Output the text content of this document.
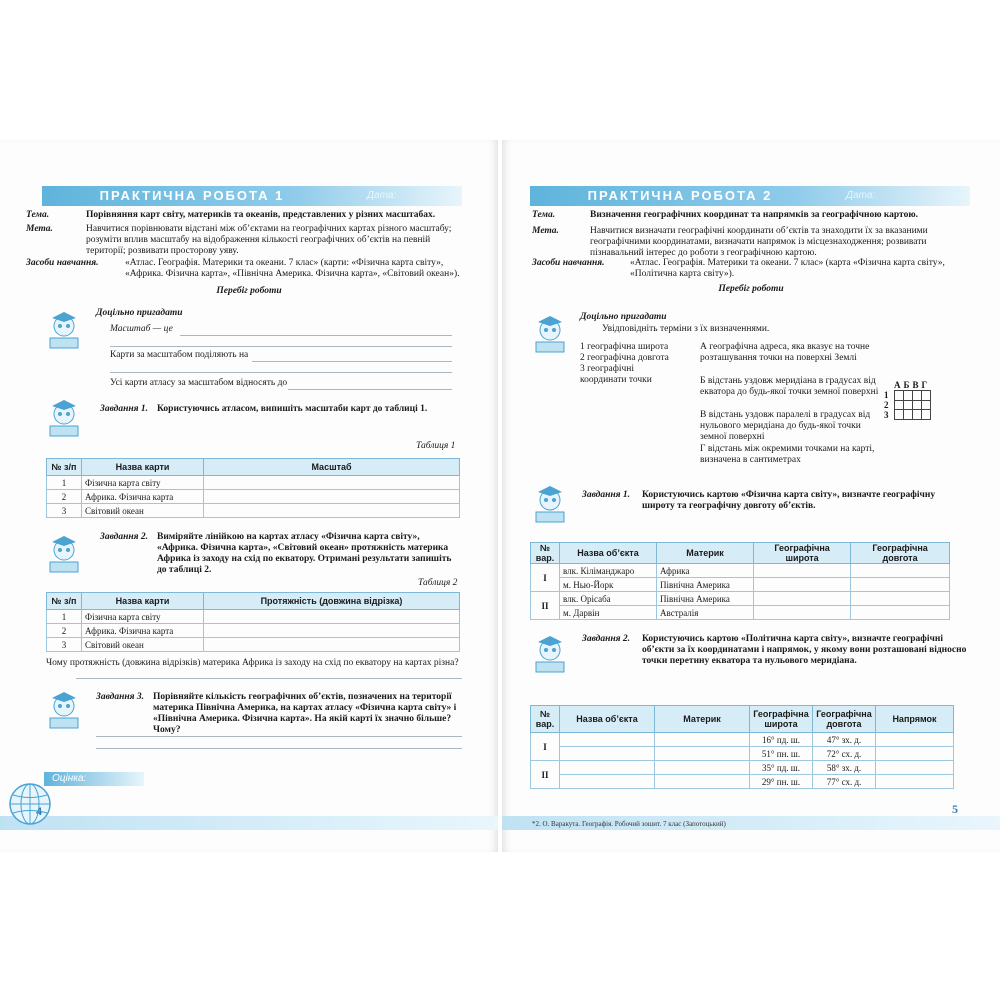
ПРАКТИЧНА РОБОТА 1	Дата:
Тема.	Порівняння карт світу, материків та океанів, представлених у різних масштабах.
Мета.	Навчитися порівнювати відстані між об’єктами на географічних картах різного масштабу; розуміти вплив масштабу на відображення кількості географічних об’єктів на певній території; розвивати просторову уяву.
Засоби навчання.	«Атлас. Географія. Материки та океани. 7 клас» (карти: «Фізична карта світу», «Африка. Фізична карта», «Північна Америка. Фізична карта», «Світовий океан»).
Перебіг роботи
Доцільно пригадати
Масштаб — це
Карти за масштабом поділяють на
Усі карти атласу за масштабом відносять до
Завдання 1. Користуючись атласом, випишіть масштаби карт до таблиці 1.
Таблиця 1
№ з/п	Назва карти	Масштаб
1	Фізична карта світу	
2	Африка. Фізична карта	
3	Світовий океан	
Завдання 2. Виміряйте лінійкою на картах атласу «Фізична карта світу», «Африка. Фізична карта», «Світовий океан» протяжність материка Африка із заходу на схід по екватору. Отримані результати запишіть до таблиці 2.
Таблиця 2
№ з/п	Назва карти	Протяжність (довжина відрізка)
1	Фізична карта світу	
2	Африка. Фізична карта	
3	Світовий океан	
Чому протяжність (довжина відрізків) материка Африка із заходу на схід по екватору на картах різна?
Завдання 3. Порівняйте кількість географічних об’єктів, позначених на території материка Північна Америка, на картах атласу «Фізична карта світу» і «Північна Америка. Фізична карта». На якій карті їх значно більше? Чому?
Оцінка:
4
ПРАКТИЧНА РОБОТА 2	Дата:
Тема.	Визначення географічних координат та напрямків за географічною картою.
Мета.	Навчитися визначати географічні координати об’єктів та знаходити їх за вказаними географічними координатами, визначати напрямок із місцезнаходження; розвивати пізнавальний інтерес до роботи з географічною картою.
Засоби навчання.	«Атлас. Географія. Материки та океани. 7 клас» (карта «Фізична карта світу», «Політична карта світу»).
Перебіг роботи
Доцільно пригадати
Увідповідніть терміни з їх визначеннями.
1 географічна широта
2 географічна довгота
3 географічні координати точки
А географічна адреса, яка вказує на точне розташування точки на поверхні Землі
Б відстань уздовж меридіана в градусах від екватора до будь-якої точки земної поверхні
В відстань уздовж паралелі в градусах від нульового меридіана до будь-якої точки земної поверхні
Г відстань між окремими точками на карті, визначена в сантиметрах
АБВГ
1
2
3

Завдання 1. Користуючись картою «Фізична карта світу», визначте географічну широту та географічну довготу об’єктів.
№ вар.	Назва об’єкта	Материк	Географічна широта	Географічна довгота
I	влк. Кіліманджаро	Африка		
	м. Нью-Йорк	Північна Америка		
II	влк. Орісаба	Північна Америка		
	м. Дарвін	Австралія		
Завдання 2. Користуючись картою «Політична карта світу», визначте географічні об’єкти за їх координатами і напрямок, у якому вони розташовані відносно точки перетину екватора та нульового меридіана.
№ вар.	Назва об’єкта	Материк	Географічна широта	Географічна довгота	Напрямок
I			16° пд. ш.	47° зх. д.	
			51° пн. ш.	72° сх. д.	
II			35° пд. ш.	58° зх. д.	
			29° пн. ш.	77° сх. д.	
5
*2. О. Варакута. Географія. Робочий зошит. 7 клас (Запотоцький)
